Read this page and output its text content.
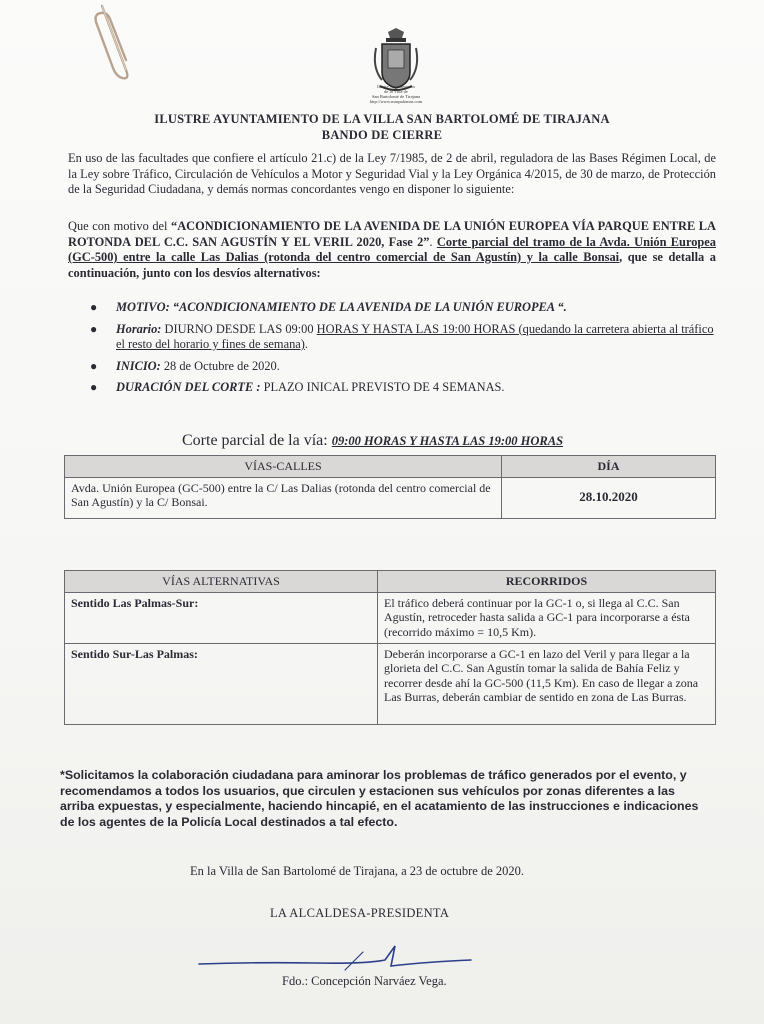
Ilustre Ayuntamiento
de la Villa de
San Bartolomé de Tirajana
http://www.maspalomas.com
ILUSTRE AYUNTAMIENTO DE LA VILLA SAN BARTOLOMÉ DE TIRAJANA
BANDO DE CIERRE
En uso de las facultades que confiere el artículo 21.c) de la Ley 7/1985, de 2 de abril, reguladora de las Bases Régimen Local, de la Ley sobre Tráfico, Circulación de Vehículos a Motor y Seguridad Vial y la Ley Orgánica 4/2015, de 30 de marzo, de Protección de la Seguridad Ciudadana, y demás normas concordantes vengo en disponer lo siguiente:
Que con motivo del “ACONDICIONAMIENTO DE LA AVENIDA DE LA UNIÓN EUROPEA VÍA PARQUE ENTRE LA ROTONDA DEL C.C. SAN AGUSTÍN Y EL VERIL 2020, Fase 2”. Corte parcial del tramo de la Avda. Unión Europea (GC-500) entre la calle Las Dalias (rotonda del centro comercial de San Agustín) y la calle Bonsai, que se detalla a continuación, junto con los desvíos alternativos:
● MOTIVO: “ACONDICIONAMIENTO DE LA AVENIDA DE LA UNIÓN EUROPEA “.
● Horario: DIURNO DESDE LAS 09:00 HORAS Y HASTA LAS 19:00 HORAS (quedando la carretera abierta al tráfico el resto del horario y fines de semana).
● INICIO: 28 de Octubre de 2020.
● DURACIÓN DEL CORTE : PLAZO INICAL PREVISTO DE 4 SEMANAS.
Corte parcial de la vía: 09:00 HORAS Y HASTA LAS 19:00 HORAS
VÍAS-CALLES	DÍA
Avda. Unión Europea (GC-500) entre la C/ Las Dalias (rotonda del centro comercial de San Agustín) y la C/ Bonsai.	28.10.2020
VÍAS ALTERNATIVAS	RECORRIDOS
Sentido Las Palmas-Sur:	El tráfico deberá continuar por la GC-1 o, si llega al C.C. San Agustín, retroceder hasta salida a GC-1 para incorporarse a ésta (recorrido máximo = 10,5 Km).
Sentido Sur-Las Palmas:	Deberán incorporarse a GC-1 en lazo del Veril y para llegar a la glorieta del C.C. San Agustín tomar la salida de Bahía Feliz y recorrer desde ahí la GC-500 (11,5 Km). En caso de llegar a zona Las Burras, deberán cambiar de sentido en zona de Las Burras.
*Solicitamos la colaboración ciudadana para aminorar los problemas de tráfico generados por el evento, y recomendamos a todos los usuarios, que circulen y estacionen sus vehículos por zonas diferentes a las arriba expuestas, y especialmente, haciendo hincapié, en el acatamiento de las instrucciones e indicaciones de los agentes de la Policía Local destinados a tal efecto.
En la Villa de San Bartolomé de Tirajana, a 23 de octubre de 2020.
LA ALCALDESA-PRESIDENTA
Fdo.: Concepción Narváez Vega.
